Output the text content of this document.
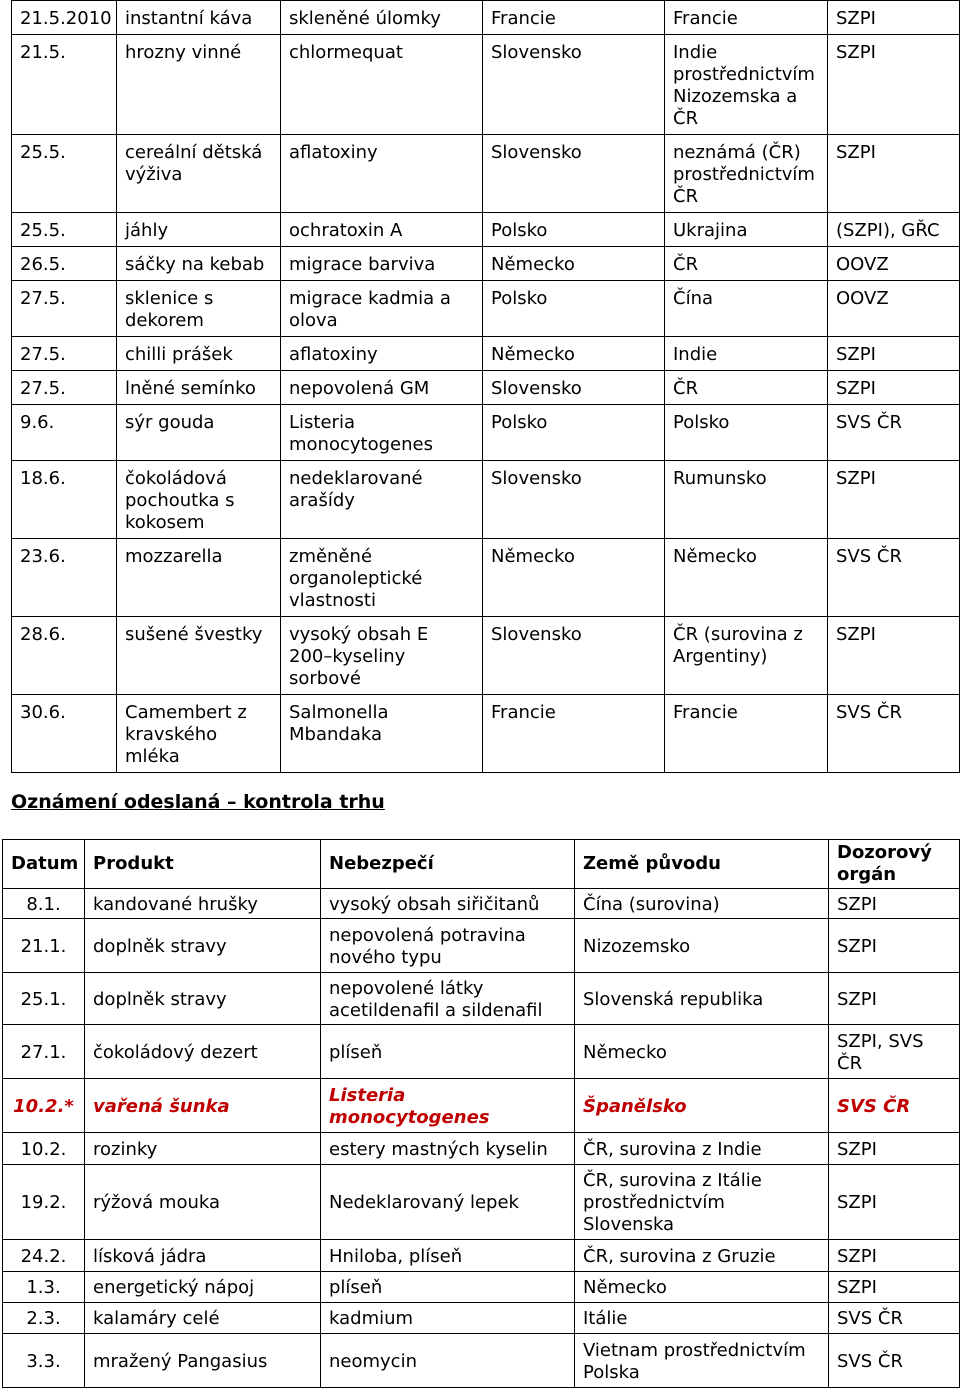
21.5.2010	instantní káva	skleněné úlomky	Francie	Francie	SZPI
21.5.	hrozny vinné	chlormequat	Slovensko	Indie prostřednictvím Nizozemska a ČR	SZPI
25.5.	cereální dětská výživa	aflatoxiny	Slovensko	neznámá (ČR) prostřednictvím ČR	SZPI
25.5.	jáhly	ochratoxin A	Polsko	Ukrajina	(SZPI), GŘC
26.5.	sáčky na kebab	migrace barviva	Německo	ČR	OOVZ
27.5.	sklenice s dekorem	migrace kadmia a olova	Polsko	Čína	OOVZ
27.5.	chilli prášek	aflatoxiny	Německo	Indie	SZPI
27.5.	lněné semínko	nepovolená GM	Slovensko	ČR	SZPI
9.6.	sýr gouda	Listeria monocytogenes	Polsko	Polsko	SVS ČR
18.6.	čokoládová pochoutka s kokosem	nedeklarované arašídy	Slovensko	Rumunsko	SZPI
23.6.	mozzarella	změněné organoleptické vlastnosti	Německo	Německo	SVS ČR
28.6.	sušené švestky	vysoký obsah E 200–kyseliny sorbové	Slovensko	ČR (surovina z Argentiny)	SZPI
30.6.	Camembert z kravského mléka	Salmonella Mbandaka	Francie	Francie	SVS ČR
Oznámení odeslaná – kontrola trhu
Datum	Produkt	Nebezpečí	Země původu	Dozorový orgán
8.1.	kandované hrušky	vysoký obsah siřičitanů	Čína (surovina)	SZPI
21.1.	doplněk stravy	nepovolená potravina nového typu	Nizozemsko	SZPI
25.1.	doplněk stravy	nepovolené látky acetildenafil a sildenafil	Slovenská republika	SZPI
27.1.	čokoládový dezert	plíseň	Německo	SZPI, SVS ČR
10.2.*	vařená šunka	Listeria monocytogenes	Španělsko	SVS ČR
10.2.	rozinky	estery mastných kyselin	ČR, surovina z Indie	SZPI
19.2.	rýžová mouka	Nedeklarovaný lepek	ČR, surovina z Itálie prostřednictvím Slovenska	SZPI
24.2.	lísková jádra	Hniloba, plíseň	ČR, surovina z Gruzie	SZPI
1.3.	energetický nápoj	plíseň	Německo	SZPI
2.3.	kalamáry celé	kadmium	Itálie	SVS ČR
3.3.	mražený Pangasius	neomycin	Vietnam prostřednictvím Polska	SVS ČR
